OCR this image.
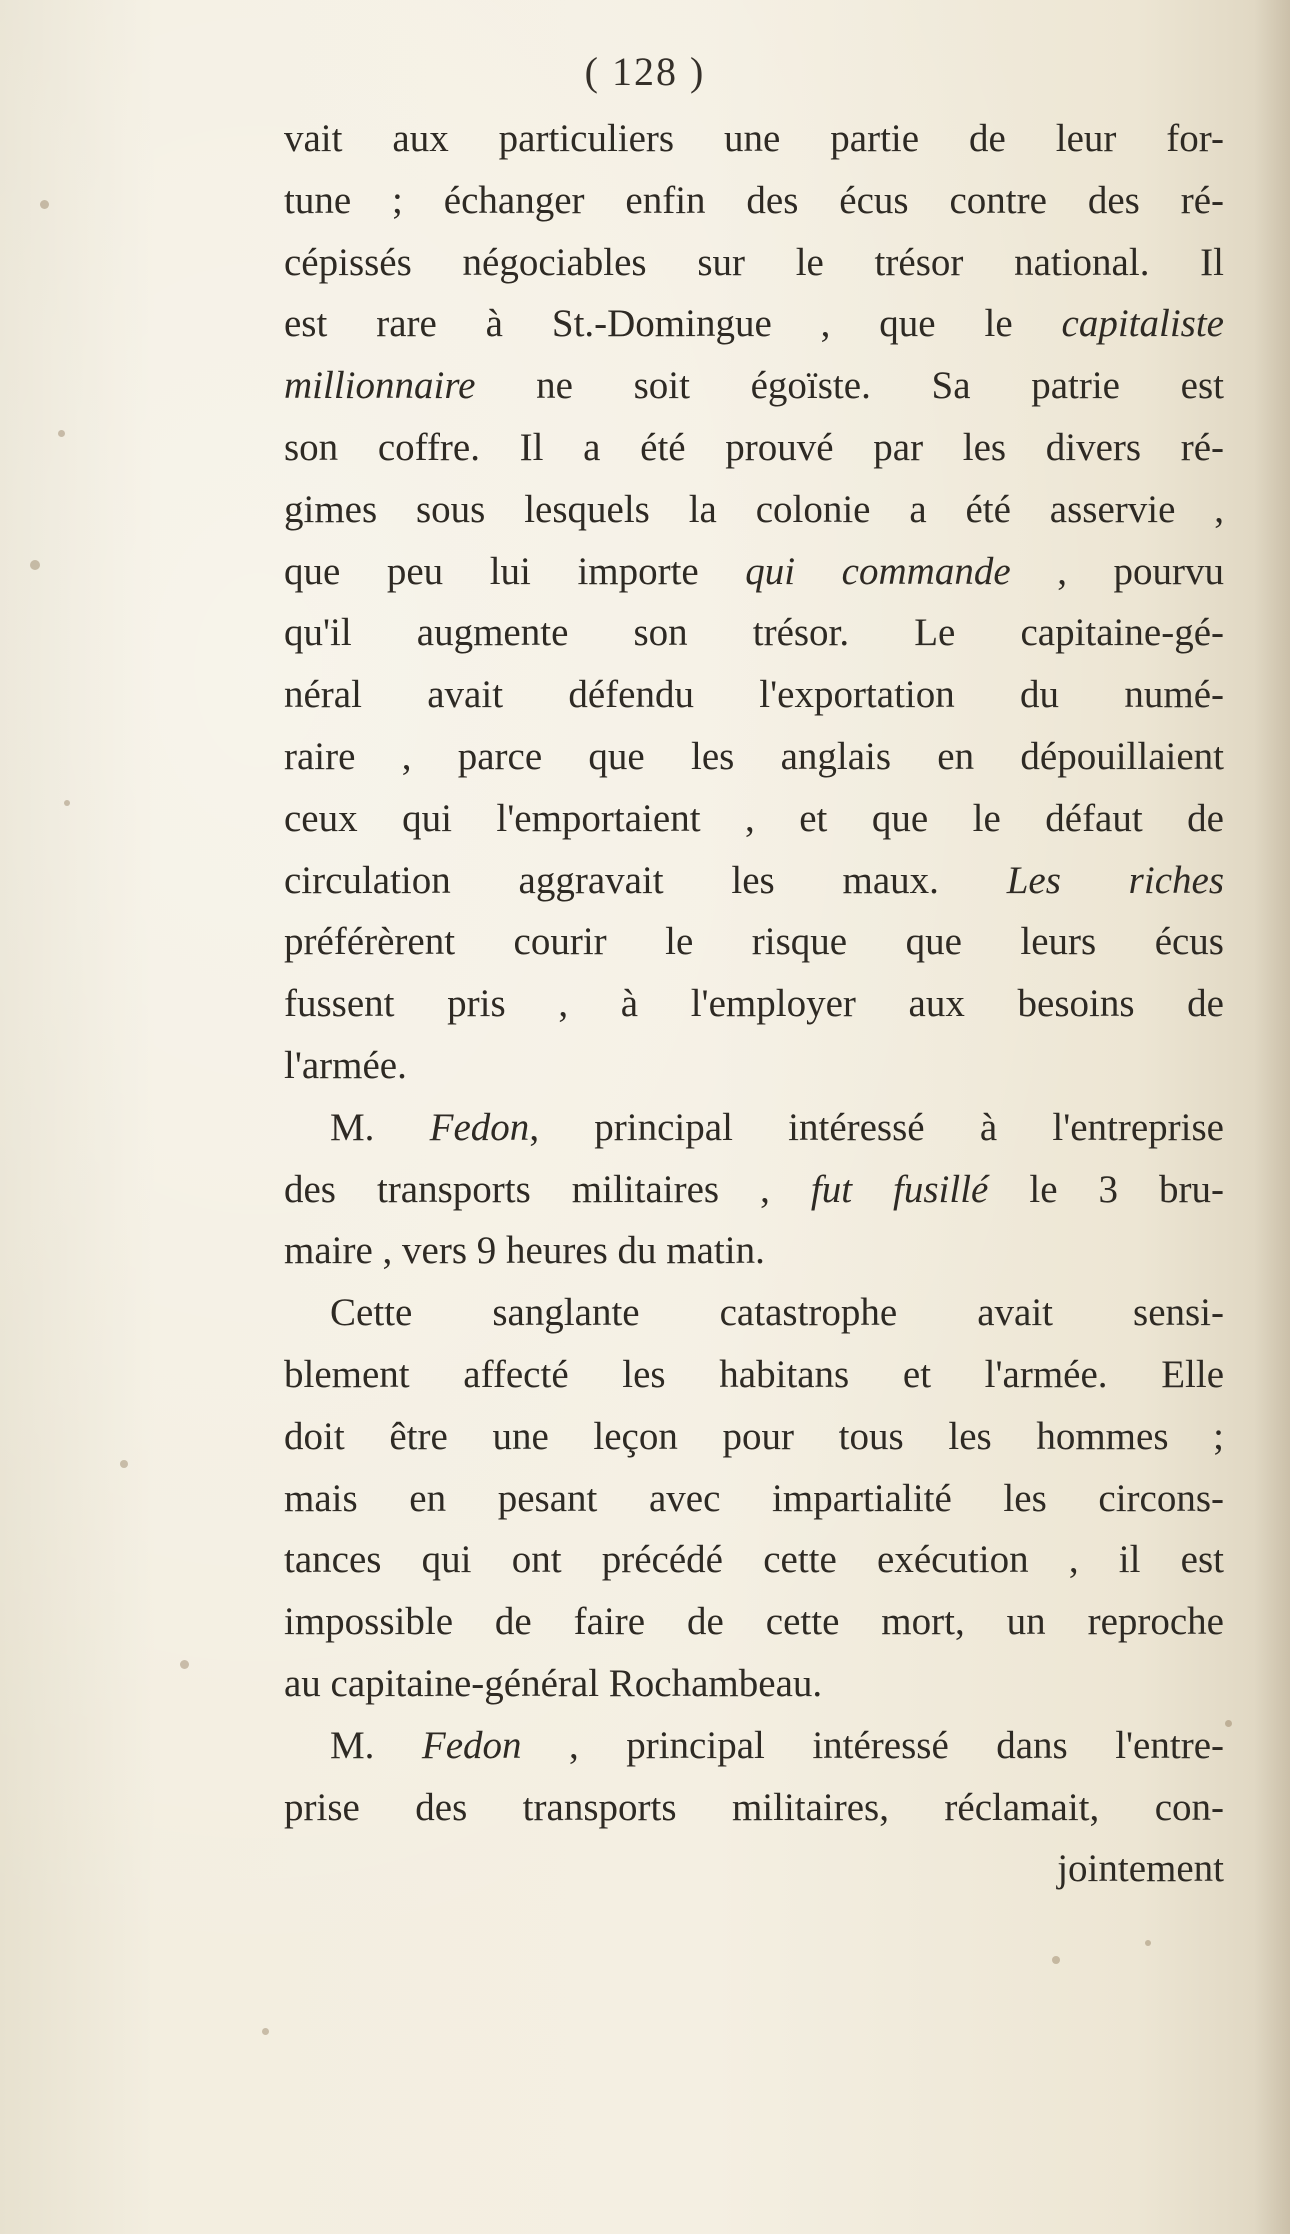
( 128 )
vait aux particuliers une partie de leur for-
tune ; échanger enfin des écus contre des ré-
cépissés négociables sur le trésor national. Il
est rare à St.-Domingue , que le capitaliste
millionnaire ne soit égoïste. Sa patrie est
son coffre. Il a été prouvé par les divers ré-
gimes sous lesquels la colonie a été asservie ,
que peu lui importe qui commande , pourvu
qu'il augmente son trésor. Le capitaine-gé-
néral avait défendu l'exportation du numé-
raire , parce que les anglais en dépouillaient
ceux qui l'emportaient , et que le défaut de
circulation aggravait les maux. Les riches
préférèrent courir le risque que leurs écus
fussent pris , à l'employer aux besoins de
l'armée.
M. Fedon, principal intéressé à l'entreprise
des transports militaires , fut fusillé le 3 bru-
maire , vers 9 heures du matin.
Cette sanglante catastrophe avait sensi-
blement affecté les habitans et l'armée. Elle
doit être une leçon pour tous les hommes ;
mais en pesant avec impartialité les circons-
tances qui ont précédé cette exécution , il est
impossible de faire de cette mort, un reproche
au capitaine-général Rochambeau.
M. Fedon , principal intéressé dans l'entre-
prise des transports militaires, réclamait, con-
jointement
